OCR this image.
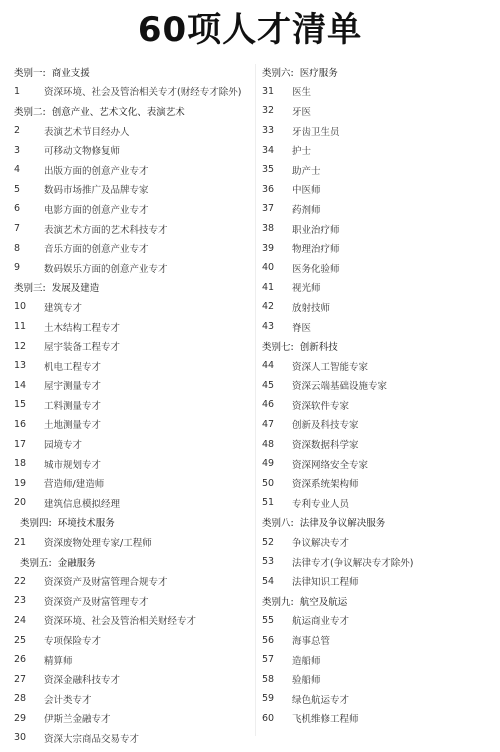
60项人才清单
类别一: 商业支援
1	资深环境、社会及管治相关专才(财经专才除外)
类别二: 创意产业、艺术文化、表演艺术
2	表演艺术节目经办人
3	可移动文物修复师
4	出版方面的创意产业专才
5	数码市场推广及品牌专家
6	电影方面的创意产业专才
7	表演艺术方面的艺术科技专才
8	音乐方面的创意产业专才
9	数码娱乐方面的创意产业专才
类别三: 发展及建造
10	建筑专才
11	土木结构工程专才
12	屋宇装备工程专才
13	机电工程专才
14	屋宇测量专才
15	工料测量专才
16	土地测量专才
17	园境专才
18	城市规划专才
19	营造师/建造师
20	建筑信息模拟经理
类别四: 环境技术服务
21	资深废物处理专家/工程师
类别五: 金融服务
22	资深资产及财富管理合规专才
23	资深资产及财富管理专才
24	资深环境、社会及管治相关财经专才
25	专项保险专才
26	精算师
27	资深金融科技专才
28	会计类专才
29	伊斯兰金融专才
30	资深大宗商品交易专才
类别六: 医疗服务
31	医生
32	牙医
33	牙齿卫生员
34	护士
35	助产士
36	中医师
37	药剂师
38	职业治疗师
39	物理治疗师
40	医务化验师
41	视光师
42	放射技师
43	脊医
类别七: 创新科技
44	资深人工智能专家
45	资深云端基础设施专家
46	资深软件专家
47	创新及科技专家
48	资深数据科学家
49	资深网络安全专家
50	资深系统架构师
51	专利专业人员
类别八: 法律及争议解决服务
52	争议解决专才
53	法律专才(争议解决专才除外)
54	法律知识工程师
类别九: 航空及航运
55	航运商业专才
56	海事总管
57	造船师
58	验船师
59	绿色航运专才
60	飞机维修工程师
